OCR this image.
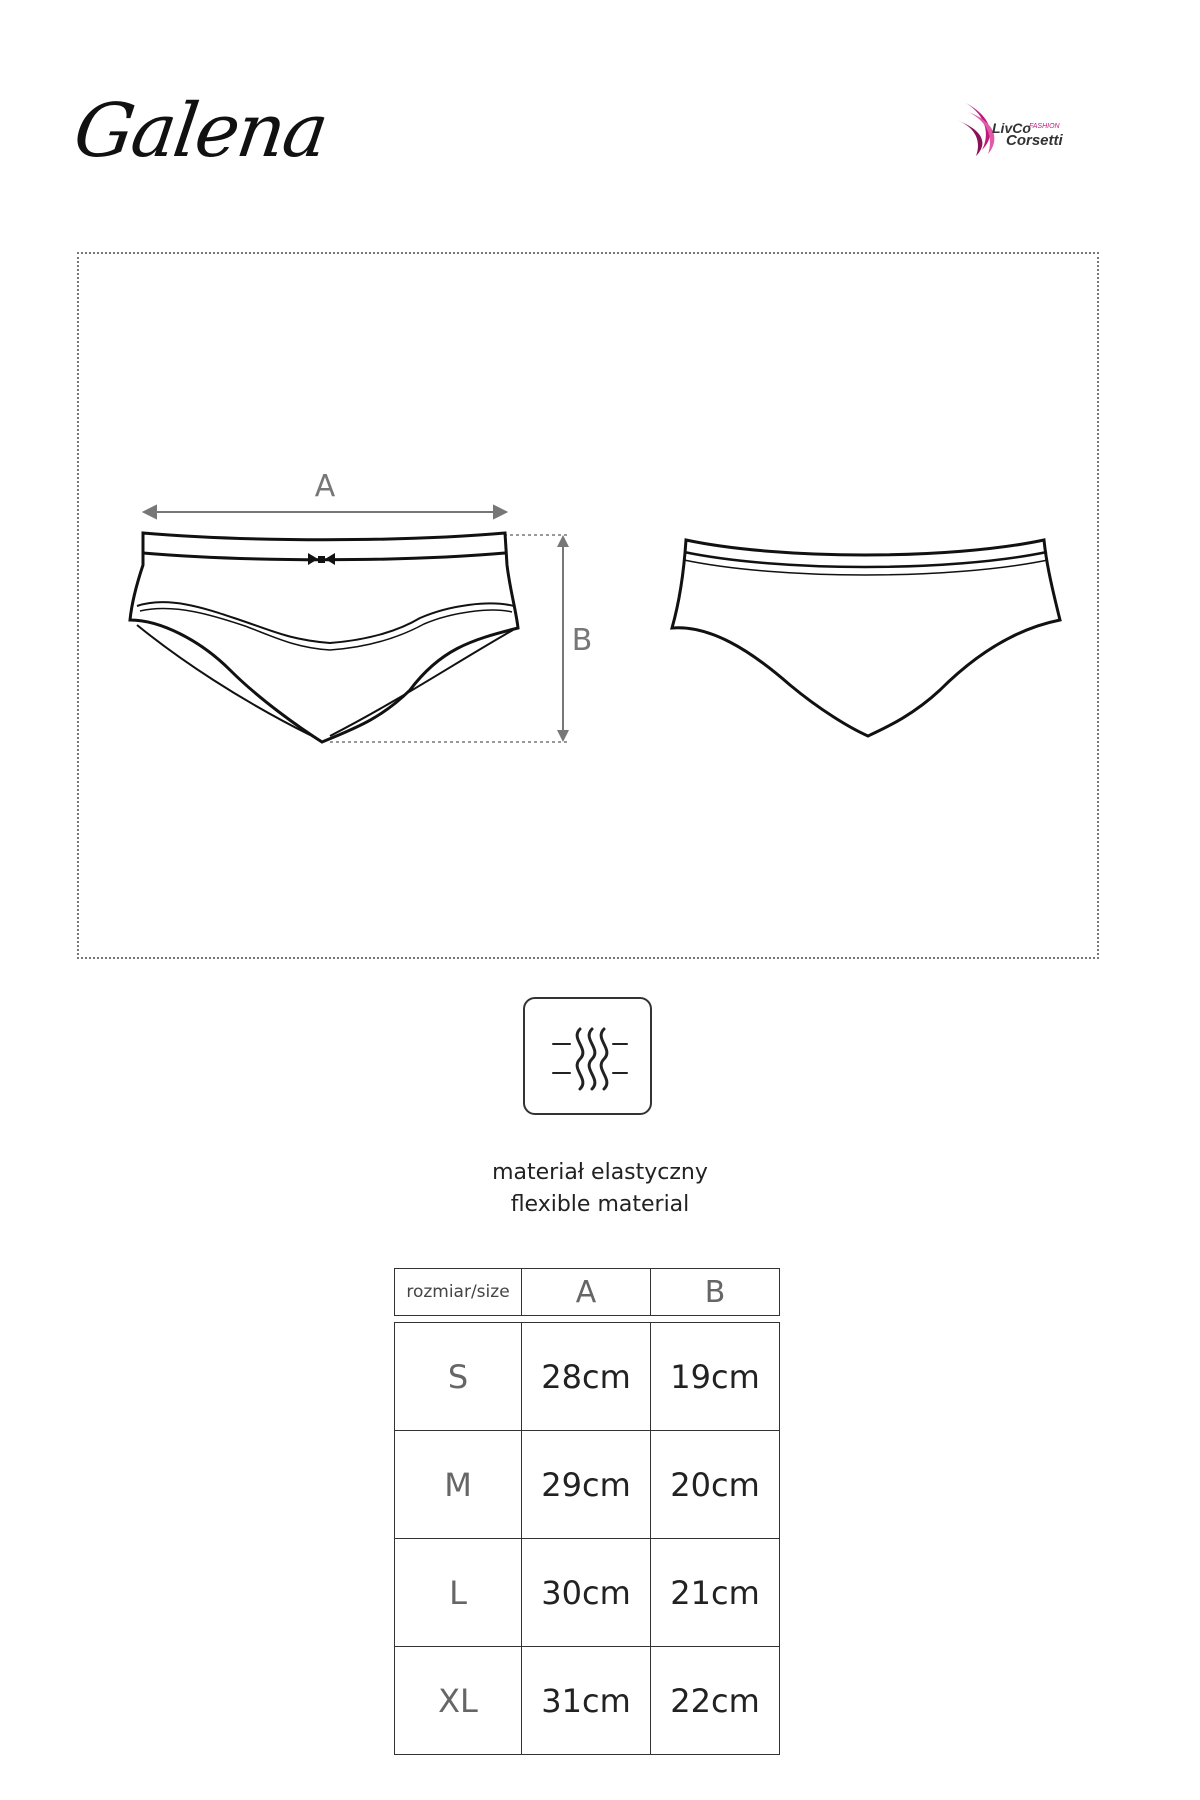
Galena	LivCo
FASHION
Corsetti
A
B
materiał elastyczny
flexible material
rozmiar/size	A	B
S	28cm	19cm
M	29cm	20cm
L	30cm	21cm
XL	31cm	22cm
